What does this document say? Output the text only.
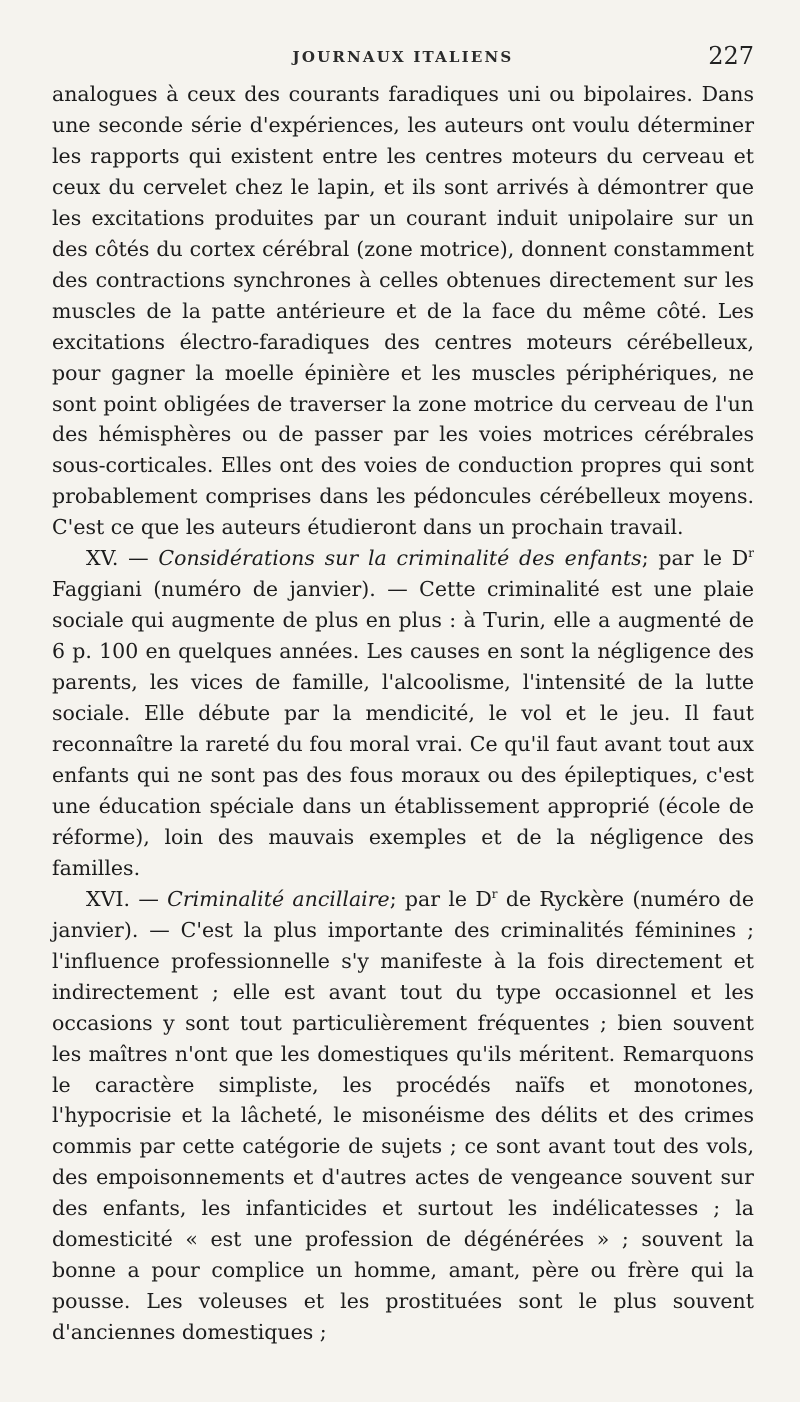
JOURNAUX ITALIENS	227

analogues à ceux des courants faradiques uni ou bipolaires. Dans une seconde série d'expériences, les auteurs ont voulu déterminer les rapports qui existent entre les centres moteurs du cerveau et ceux du cervelet chez le lapin, et ils sont arrivés à démontrer que les excitations produites par un courant induit unipolaire sur un des côtés du cortex cérébral (zone motrice), donnent constamment des contractions synchrones à celles obtenues directement sur les muscles de la patte antérieure et de la face du même côté. Les excitations électro-faradiques des centres moteurs cérébelleux, pour gagner la moelle épinière et les muscles périphériques, ne sont point obligées de traverser la zone motrice du cerveau de l'un des hémisphères ou de passer par les voies motrices cérébrales sous-corticales. Elles ont des voies de conduction propres qui sont probablement comprises dans les pédoncules cérébelleux moyens. C'est ce que les auteurs étudieront dans un prochain travail.

XV. — Considérations sur la criminalité des enfants; par le $D^r$ Faggiani (numéro de janvier). — Cette criminalité est une plaie sociale qui augmente de plus en plus : à Turin, elle a augmenté de 6 p. 100 en quelques années. Les causes en sont la négligence des parents, les vices de famille, l'alcoolisme, l'intensité de la lutte sociale. Elle débute par la mendicité, le vol et le jeu. Il faut reconnaître la rareté du fou moral vrai. Ce qu'il faut avant tout aux enfants qui ne sont pas des fous moraux ou des épileptiques, c'est une éducation spéciale dans un établissement approprié (école de réforme), loin des mauvais exemples et de la négligence des familles.

XVI. — Criminalité ancillaire; par le $D^r$ de Ryckère (numéro de janvier). — C'est la plus importante des criminalités féminines ; l'influence professionnelle s'y manifeste à la fois directement et indirectement ; elle est avant tout du type occasionnel et les occasions y sont tout particulièrement fréquentes ; bien souvent les maîtres n'ont que les domestiques qu'ils méritent. Remarquons le caractère simpliste, les procédés naïfs et monotones, l'hypocrisie et la lâcheté, le misonéisme des délits et des crimes commis par cette catégorie de sujets ; ce sont avant tout des vols, des empoisonnements et d'autres actes de vengeance souvent sur des enfants, les infanticides et surtout les indélicatesses ; la domesticité « est une profession de dégénérées » ; souvent la bonne a pour complice un homme, amant, père ou frère qui la pousse. Les voleuses et les prostituées sont le plus souvent d'anciennes domestiques ;
